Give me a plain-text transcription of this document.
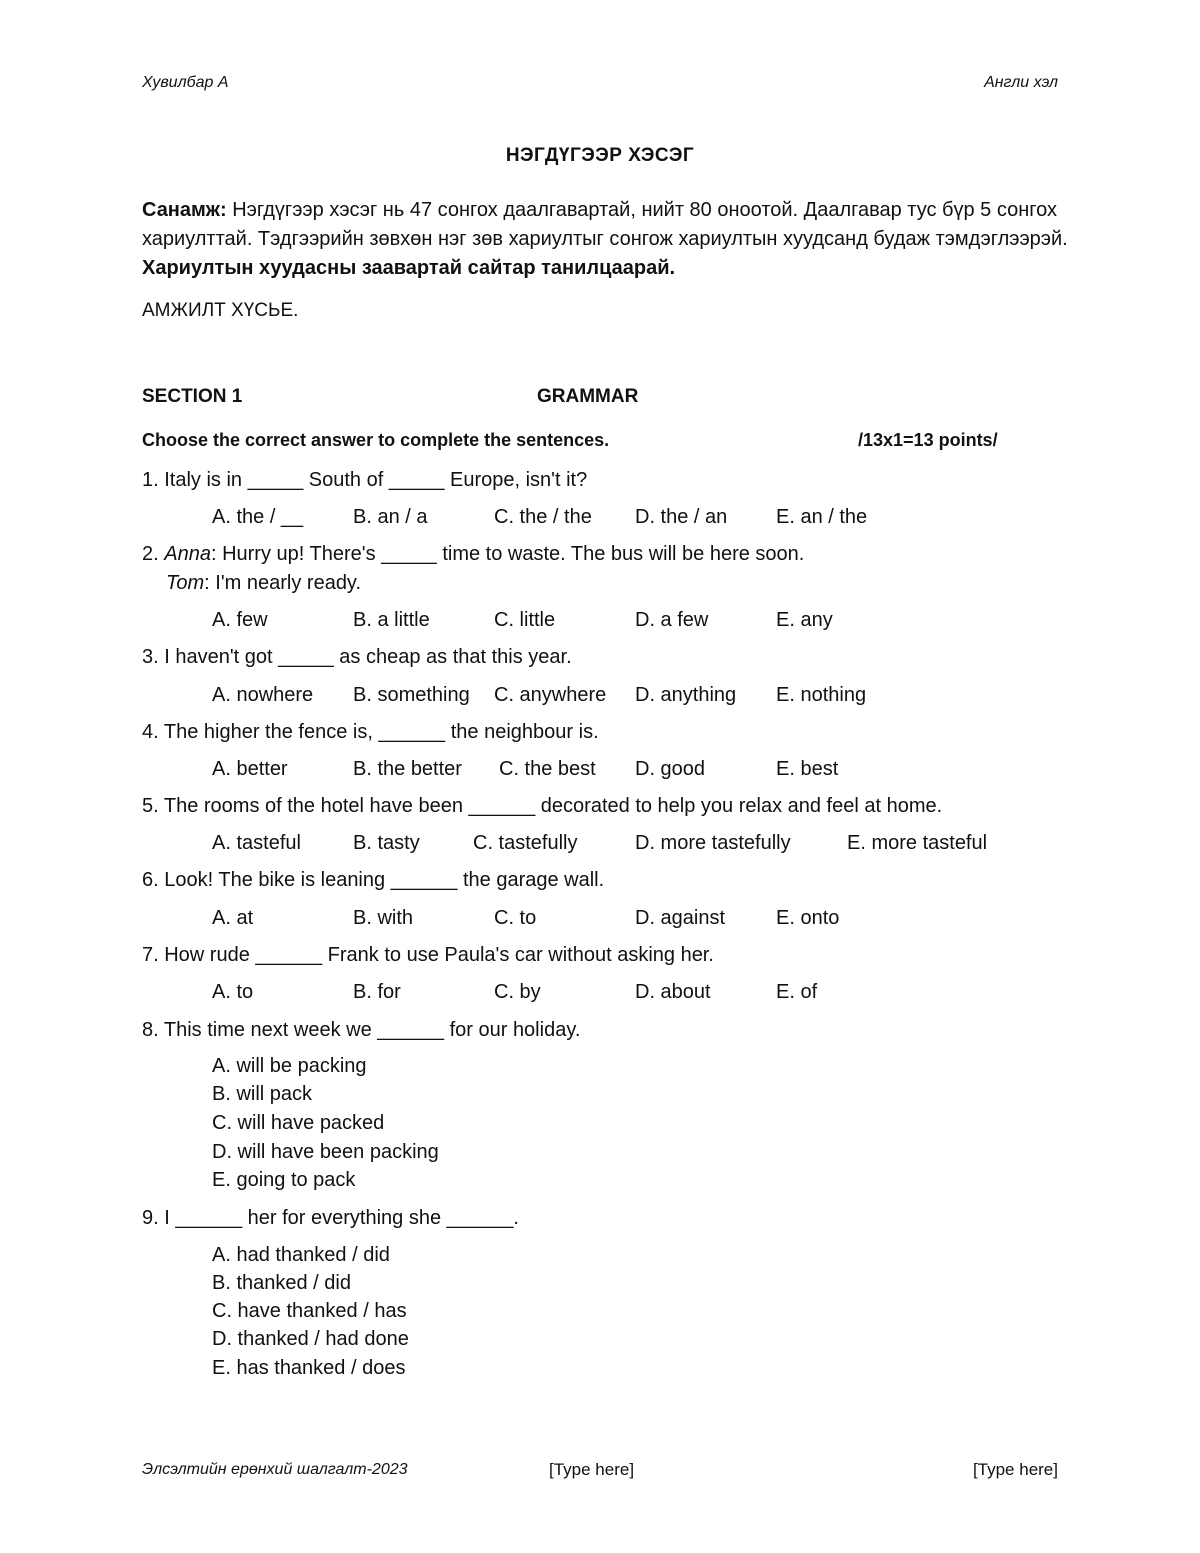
Хувилбар А	Англи хэл
НЭГДҮГЭЭР ХЭСЭГ
Санамж: Нэгдүгээр хэсэг нь 47 сонгох даалгавартай, нийт 80 оноотой. Даалгавар тус бүр 5 сонгох хариулттай. Тэдгээрийн зөвхөн нэг зөв хариултыг сонгож хариултын хуудсанд будаж тэмдэглээрэй. Хариултын хуудасны заавартай сайтар танилцаарай.
АМЖИЛТ ХҮСЬЕ.
SECTION 1	GRAMMAR
Choose the correct answer to complete the sentences.	/13x1=13 points/
1. Italy is in _____ South of _____ Europe, isn't it?
A. the / __ B. an / a	C. the / the D. the / an E. an / the
2. Anna: Hurry up! There's _____ time to waste. The bus will be here soon.
Tom: I'm nearly ready.
A. few	B. a little	C. little	D. a few	E. any
3. I haven't got _____ as cheap as that this year.
A. nowhere B. something C. anywhere D. anything E. nothing
4. The higher the fence is, ______ the neighbour is.
A. better	B. the better C. the best D. good	E. best
5. The rooms of the hotel have been ______ decorated to help you relax and feel at home.
A. tasteful	B. tasty	C. tastefully	D. more tastefully	E. more tasteful
6. Look! The bike is leaning ______ the garage wall.
A. at	B. with	C. to	D. against	E. onto
7. How rude ______ Frank to use Paula's car without asking her.
A. to	B. for	C. by	D. about	E. of
8. This time next week we ______ for our holiday.
A. will be packing
B. will pack
C. will have packed
D. will have been packing
E. going to pack
9. I ______ her for everything she ______.
A. had thanked / did
B. thanked / did
C. have thanked / has
D. thanked / had done
E. has thanked / does
Элсэлтийн ерөнхий шалгалт-2023	[Type here]	[Type here]
